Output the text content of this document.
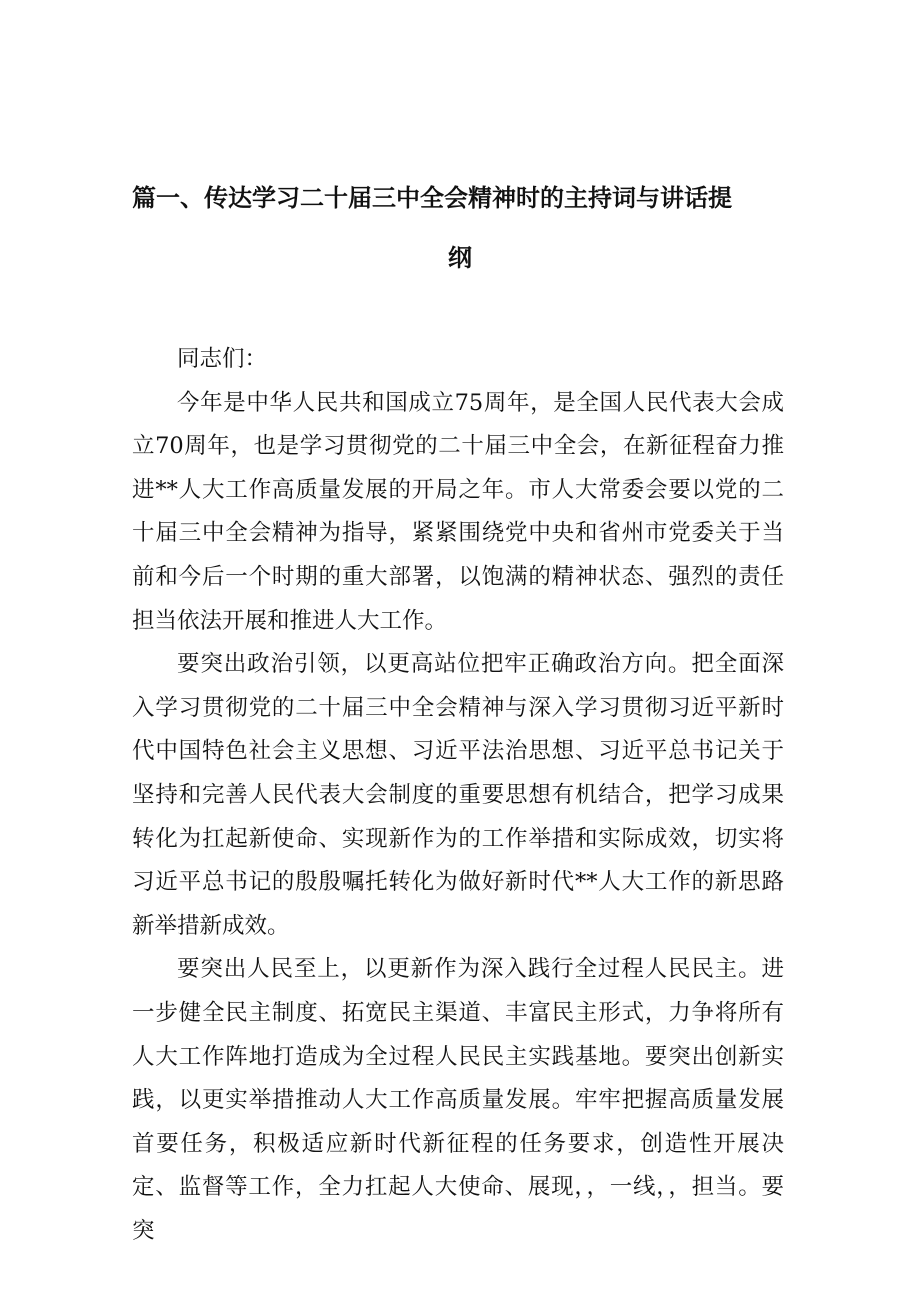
篇一、传达学习二十届三中全会精神时的主持词与讲话提
纲

同志们：

今年是中华人民共和国成立75周年，是全国人民代表大会成立70周年，也是学习贯彻党的二十届三中全会，在新征程奋力推进**人大工作高质量发展的开局之年。市人大常委会要以党的二十届三中全会精神为指导，紧紧围绕党中央和省州市党委关于当前和今后一个时期的重大部署，以饱满的精神状态、强烈的责任担当依法开展和推进人大工作。

要突出政治引领，以更高站位把牢正确政治方向。把全面深入学习贯彻党的二十届三中全会精神与深入学习贯彻习近平新时代中国特色社会主义思想、习近平法治思想、习近平总书记关于坚持和完善人民代表大会制度的重要思想有机结合，把学习成果转化为扛起新使命、实现新作为的工作举措和实际成效，切实将习近平总书记的殷殷嘱托转化为做好新时代**人大工作的新思路新举措新成效。

要突出人民至上，以更新作为深入践行全过程人民民主。进一步健全民主制度、拓宽民主渠道、丰富民主形式，力争将所有人大工作阵地打造成为全过程人民民主实践基地。要突出创新实践，以更实举措推动人大工作高质量发展。牢牢把握高质量发展首要任务，积极适应新时代新征程的任务要求，创造性开展决定、监督等工作，全力扛起人大使命、展现，，一线，，担当。要突
